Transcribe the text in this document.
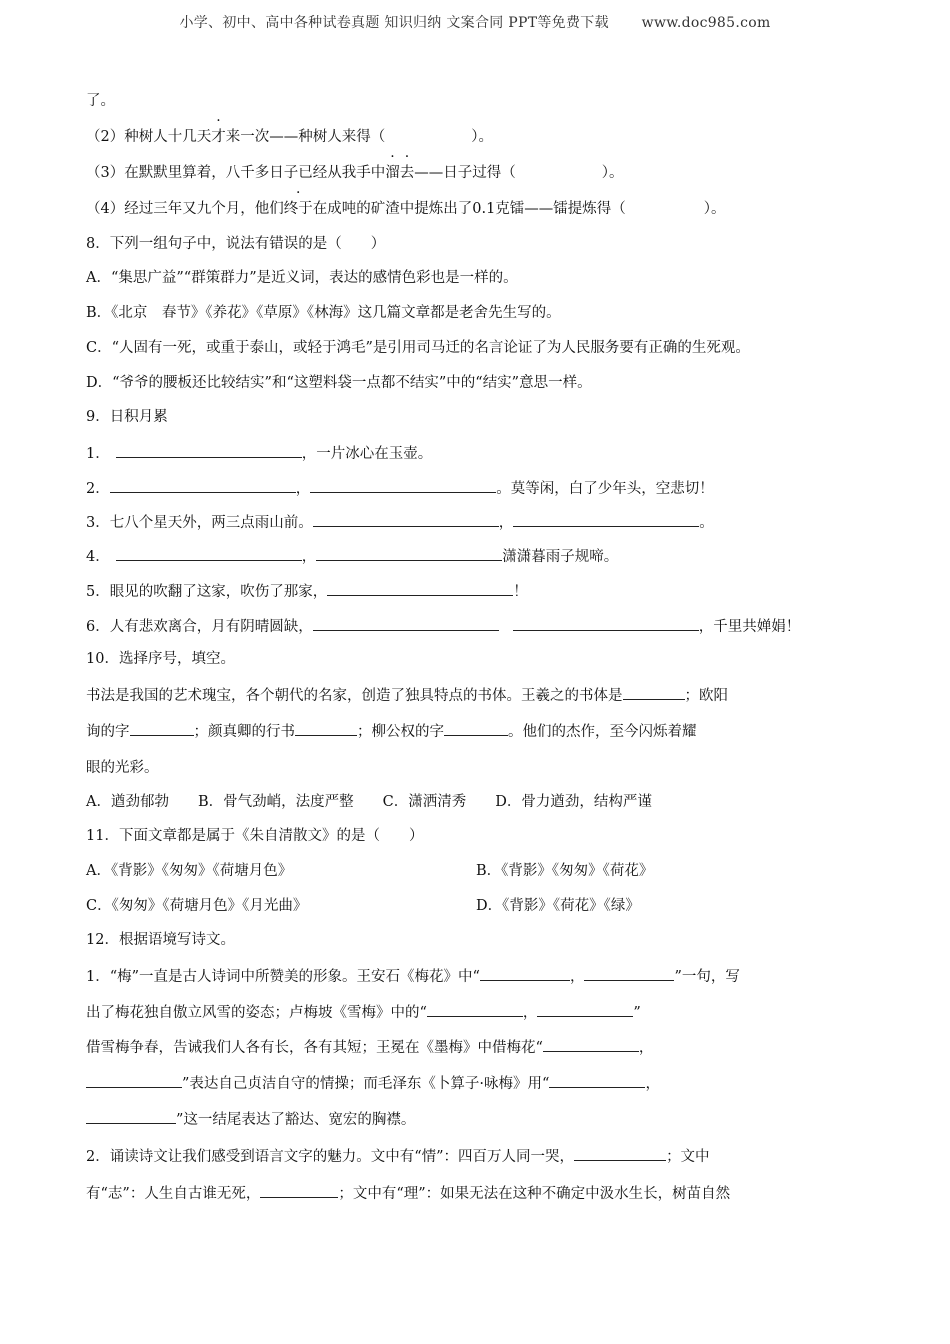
小学、初中、高中各种试卷真题 知识归纳 文案合同 PPT等免费下载 www.doc985.com
了。
（2）种树人十几天才来一次——种树人来得（	）。
（3）在默默里算着，八千多日子已经从我手中溜去——日子过得（	）。
（4）经过三年又九个月，他们终于在成吨的矿渣中提炼出了0.1克镭——镭提炼得（	）。
8．下列一组句子中，说法有错误的是（　　）
A．“集思广益”“群策群力”是近义词，表达的感情色彩也是一样的。
B．《北京　春节》《养花》《草原》《林海》这几篇文章都是老舍先生写的。
C．“人固有一死，或重于泰山，或轻于鸿毛”是引用司马迁的名言论证了为人民服务要有正确的生死观。
D．“爷爷的腰板还比较结实”和“这塑料袋一点都不结实”中的“结实”意思一样。
9．日积月累
1．	，一片冰心在玉壶。
2．	，	。莫等闲，白了少年头，空悲切！
3．七八个星天外，两三点雨山前。	，	。
4．	，	潇潇暮雨子规啼。
5．眼见的吹翻了这家，吹伤了那家，	！
6．人有悲欢离合，月有阴晴圆缺，	，千里共婵娟！
10．选择序号，填空。
书法是我国的艺术瑰宝，各个朝代的名家，创造了独具特点的书体。王羲之的书体是	；欧阳
询的字	；颜真卿的行书	；柳公权的字	。他们的杰作，至今闪烁着耀
眼的光彩。
A．遒劲郁勃　　B．骨气劲峭，法度严整　　C．潇洒清秀　　D．骨力遒劲，结构严谨
11．下面文章都是属于《朱自清散文》的是（　　）
A．《背影》《匆匆》《荷塘月色》	B．《背影》《匆匆》《荷花》
C．《匆匆》《荷塘月色》《月光曲》	D．《背影》《荷花》《绿》
12．根据语境写诗文。
1．“梅”一直是古人诗词中所赞美的形象。王安石《梅花》中“	，	”一句，写
出了梅花独自傲立风雪的姿态；卢梅坡《雪梅》中的“	，	”
借雪梅争春，告诫我们人各有长，各有其短；王冕在《墨梅》中借梅花“	，
”表达自己贞洁自守的情操；而毛泽东《卜算子·咏梅》用“	，
”这一结尾表达了豁达、宽宏的胸襟。
2．诵读诗文让我们感受到语言文字的魅力。文中有“情”：四百万人同一哭，	；文中
有“志”：人生自古谁无死，	；文中有“理”：如果无法在这种不确定中汲水生长，树苗自然
